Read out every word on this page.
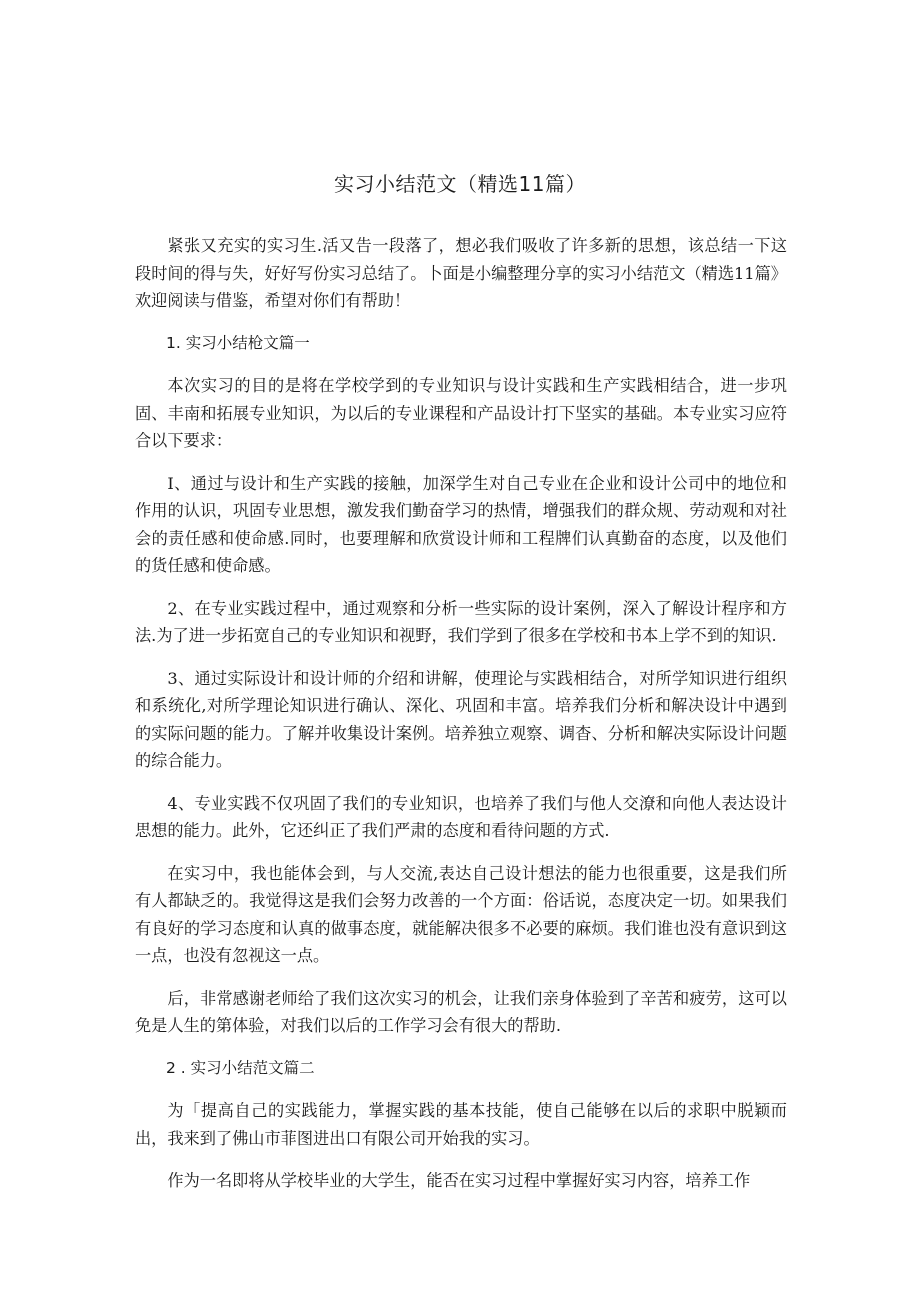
实习小结范文（精选11篇）

紧张又充实的实习生.活又告一段落了，想必我们吸收了许多新的思想，该总结一下这段时间的得与失，好好写份实习总结了。卜面是小编整理分享的实习小结范文（精选11篇》欢迎阅读与借鉴，希望对你们有帮助！

1. 实习小结枪文篇一

本次实习的目的是将在学校学到的专业知识与设计实践和生产实践相结合，进一步巩固、丰南和拓展专业知识，为以后的专业课程和产品设计打下坚实的基础。本专业实习应符合以下要求：

I、通过与设计和生产实践的接触，加深学生对自己专业在企业和设计公司中的地位和作用的认识，巩固专业思想，激发我们勤奋学习的热情，增强我们的群众规、劳动观和对社会的责任感和使命感.同时，也要理解和欣赏设计师和工程牌们认真勤奋的态度，以及他们的货任感和使命感。

2、在专业实践过程中，通过观察和分析一些实际的设计案例，深入了解设计程序和方法.为了进一步拓宽自己的专业知识和视野，我们学到了很多在学校和书本上学不到的知识.

3、通过实际设计和设计师的介绍和讲解，使理论与实践相结合，对所学知识进行组织和系统化,对所学理论知识进行确认、深化、巩固和丰富。培养我们分析和解决设计中遇到的实际问题的能力。了解并收集设计案例。培养独立观察、调杳、分析和解决实际设计问题的综合能力。

4、专业实践不仅巩固了我们的专业知识，也培养了我们与他人交潦和向他人表达设计思想的能力。此外，它还纠正了我们严肃的态度和看待问题的方式.

在实习中，我也能体会到，与人交流,表达自己设计想法的能力也很重要，这是我们所有人都缺乏的。我觉得这是我们会努力改善的一个方面：俗话说，态度决定一切。如果我们有良好的学习态度和认真的做事态度，就能解决很多不必要的麻烦。我们谁也没有意识到这一点，也没有忽视这一点。

后，非常感谢老师给了我们这次实习的机会，让我们亲身体验到了辛苦和疲劳，这可以免是人生的第体验，对我们以后的工作学习会有很大的帮助.

2 . 实习小结范文篇二

为「提高自己的实践能力，掌握实践的基本技能，使自己能够在以后的求职中脱颖而出，我来到了佛山市菲图进出口有限公司开始我的实习。

作为一名即将从学校毕业的大学生，能否在实习过程中掌握好实习内容，培养工作
